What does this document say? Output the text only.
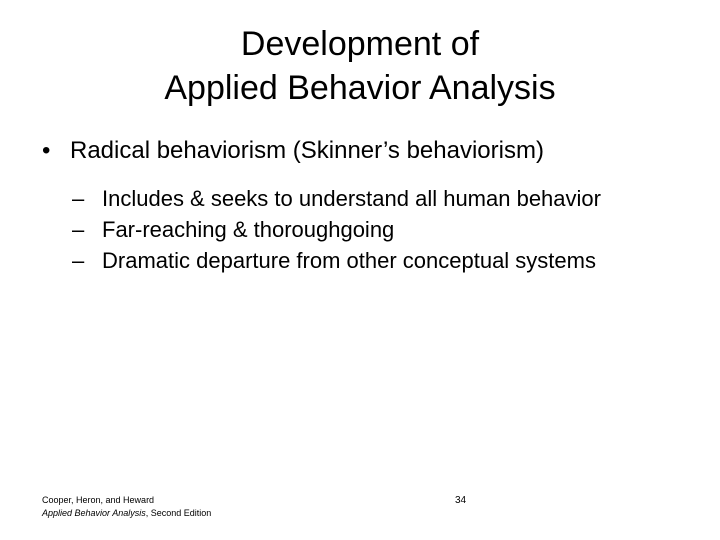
Development of
Applied Behavior Analysis
• Radical behaviorism (Skinner’s behaviorism)
– Includes & seeks to understand all human behavior
– Far-reaching & thoroughgoing
– Dramatic departure from other conceptual systems
Cooper, Heron, and Heward
Applied Behavior Analysis, Second Edition
34
